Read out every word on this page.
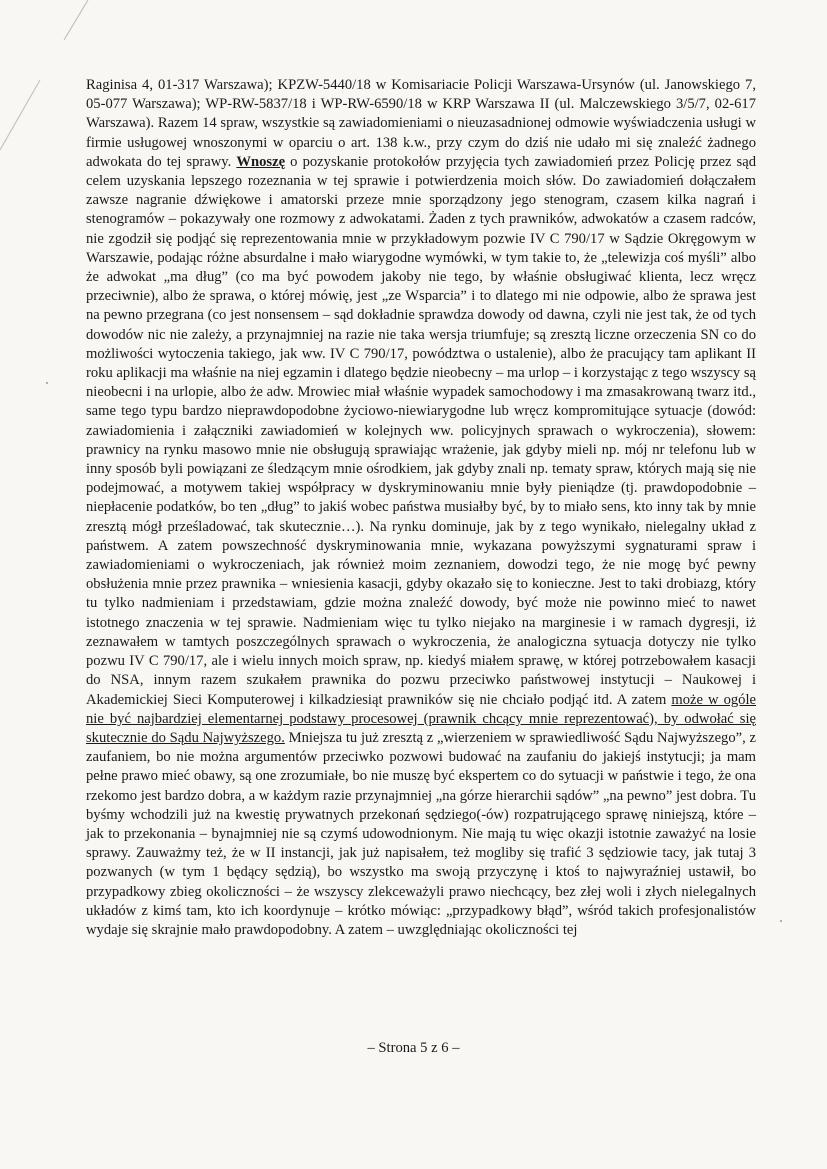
Raginisa 4, 01-317 Warszawa); KPZW-5440/18 w Komisariacie Policji Warszawa-Ursynów (ul. Janowskiego 7, 05-077 Warszawa); WP-RW-5837/18 i WP-RW-6590/18 w KRP Warszawa II (ul. Malczewskiego 3/5/7, 02-617 Warszawa). Razem 14 spraw, wszystkie są zawiadomieniami o nieuzasadnionej odmowie wyświadczenia usługi w firmie usługowej wnoszonymi w oparciu o art. 138 k.w., przy czym do dziś nie udało mi się znaleźć żadnego adwokata do tej sprawy. Wnoszę o pozyskanie protokołów przyjęcia tych zawiadomień przez Policję przez sąd celem uzyskania lepszego rozeznania w tej sprawie i potwierdzenia moich słów. Do zawiadomień dołączałem zawsze nagranie dźwiękowe i amatorski przeze mnie sporządzony jego stenogram, czasem kilka nagrań i stenogramów – pokazywały one rozmowy z adwokatami. Żaden z tych prawników, adwokatów a czasem radców, nie zgodził się podjąć się reprezentowania mnie w przykładowym pozwie IV C 790/17 w Sądzie Okręgowym w Warszawie, podając różne absurdalne i mało wiarygodne wymówki, w tym takie to, że „telewizja coś myśli” albo że adwokat „ma dług” (co ma być powodem jakoby nie tego, by właśnie obsługiwać klienta, lecz wręcz przeciwnie), albo że sprawa, o której mówię, jest „ze Wsparcia” i to dlatego mi nie odpowie, albo że sprawa jest na pewno przegrana (co jest nonsensem – sąd dokładnie sprawdza dowody od dawna, czyli nie jest tak, że od tych dowodów nic nie zależy, a przynajmniej na razie nie taka wersja triumfuje; są zresztą liczne orzeczenia SN co do możliwości wytoczenia takiego, jak ww. IV C 790/17, powództwa o ustalenie), albo że pracujący tam aplikant II roku aplikacji ma właśnie na niej egzamin i dlatego będzie nieobecny – ma urlop – i korzystając z tego wszyscy są nieobecni i na urlopie, albo że adw. Mrowiec miał właśnie wypadek samochodowy i ma zmasakrowaną twarz itd., same tego typu bardzo nieprawdopodobne życiowo-niewiarygodne lub wręcz kompromitujące sytuacje (dowód: zawiadomienia i załączniki zawiadomień w kolejnych ww. policyjnych sprawach o wykroczenia), słowem: prawnicy na rynku masowo mnie nie obsługują sprawiając wrażenie, jak gdyby mieli np. mój nr telefonu lub w inny sposób byli powiązani ze śledzącym mnie ośrodkiem, jak gdyby znali np. tematy spraw, których mają się nie podejmować, a motywem takiej współpracy w dyskryminowaniu mnie były pieniądze (tj. prawdopodobnie – niepłacenie podatków, bo ten „dług” to jakiś wobec państwa musiałby być, by to miało sens, kto inny tak by mnie zresztą mógł prześladować, tak skutecznie…). Na rynku dominuje, jak by z tego wynikało, nielegalny układ z państwem. A zatem powszechność dyskryminowania mnie, wykazana powyższymi sygnaturami spraw i zawiadomieniami o wykroczeniach, jak również moim zeznaniem, dowodzi tego, że nie mogę być pewny obsłużenia mnie przez prawnika – wniesienia kasacji, gdyby okazało się to konieczne. Jest to taki drobiazg, który tu tylko nadmieniam i przedstawiam, gdzie można znaleźć dowody, być może nie powinno mieć to nawet istotnego znaczenia w tej sprawie. Nadmieniam więc tu tylko niejako na marginesie i w ramach dygresji, iż zeznawałem w tamtych poszczególnych sprawach o wykroczenia, że analogiczna sytuacja dotyczy nie tylko pozwu IV C 790/17, ale i wielu innych moich spraw, np. kiedyś miałem sprawę, w której potrzebowałem kasacji do NSA, innym razem szukałem prawnika do pozwu przeciwko państwowej instytucji – Naukowej i Akademickiej Sieci Komputerowej i kilkadziesiąt prawników się nie chciało podjąć itd. A zatem może w ogóle nie być najbardziej elementarnej podstawy procesowej (prawnik chcący mnie reprezentować), by odwołać się skutecznie do Sądu Najwyższego. Mniejsza tu już zresztą z „wierzeniem w sprawiedliwość Sądu Najwyższego”, z zaufaniem, bo nie można argumentów przeciwko pozwowi budować na zaufaniu do jakiejś instytucji; ja mam pełne prawo mieć obawy, są one zrozumiałe, bo nie muszę być ekspertem co do sytuacji w państwie i tego, że ona rzekomo jest bardzo dobra, a w każdym razie przynajmniej „na górze hierarchii sądów” „na pewno” jest dobra. Tu byśmy wchodzili już na kwestię prywatnych przekonań sędziego(-ów) rozpatrującego sprawę niniejszą, które – jak to przekonania – bynajmniej nie są czymś udowodnionym. Nie mają tu więc okazji istotnie zaważyć na losie sprawy. Zauważmy też, że w II instancji, jak już napisałem, też mogliby się trafić 3 sędziowie tacy, jak tutaj 3 pozwanych (w tym 1 będący sędzią), bo wszystko ma swoją przyczynę i ktoś to najwyraźniej ustawił, bo przypadkowy zbieg okoliczności – że wszyscy zlekceważyli prawo niechcący, bez złej woli i złych nielegalnych układów z kimś tam, kto ich koordynuje – krótko mówiąc: „przypadkowy błąd”, wśród takich profesjonalistów wydaje się skrajnie mało prawdopodobny. A zatem – uwzględniając okoliczności tej

– Strona 5 z 6 –
